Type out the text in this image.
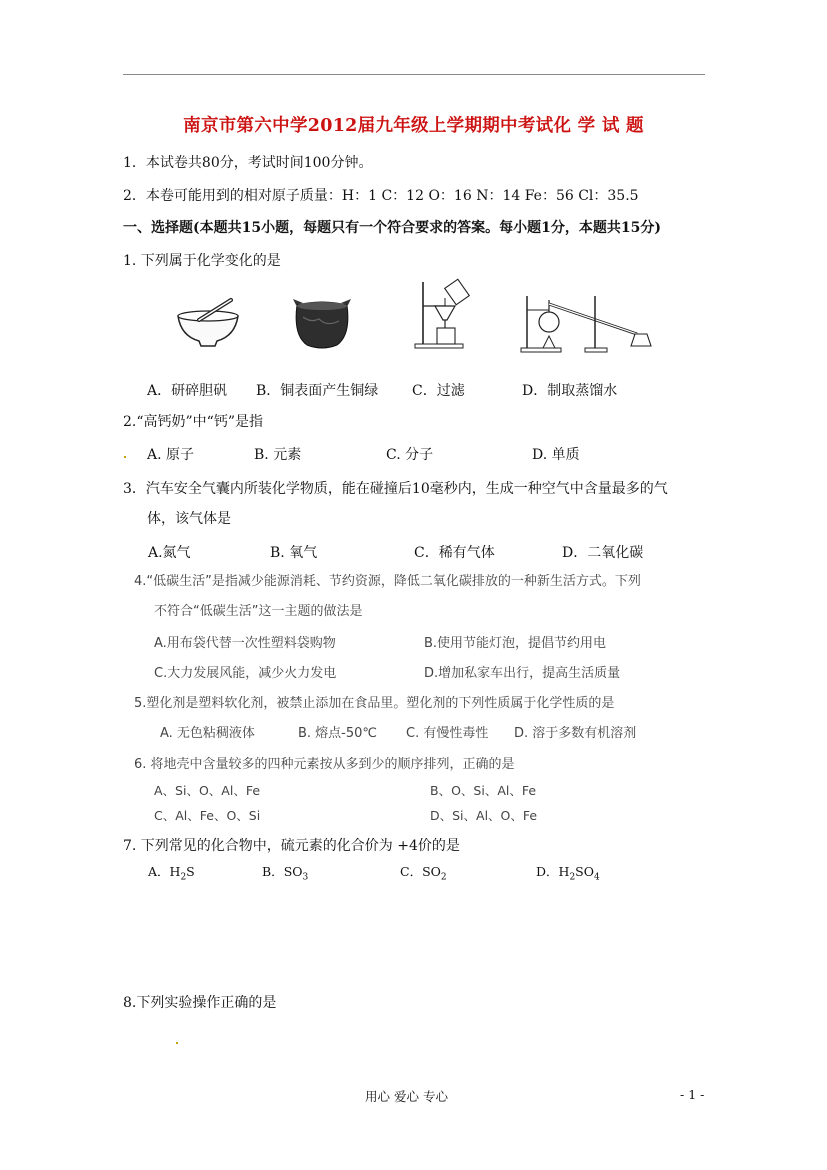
南京市第六中学2012届九年级上学期期中考试化 学 试 题
1．本试卷共80分，考试时间100分钟。
2．本卷可能用到的相对原子质量：H：1 C：12 O：16 N：14 Fe：56 Cl：35.5
一、选择题(本题共15小题，每题只有一个符合要求的答案。每小题1分，本题共15分)
1. 下列属于化学变化的是
A．研碎胆矾 B．铜表面产生铜绿 C．过滤	D．制取蒸馏水
2.“高钙奶”中“钙”是指
A. 原子	B. 元素	C. 分子	D. 单质
3．汽车安全气囊内所装化学物质，能在碰撞后10毫秒内，生成一种空气中含量最多的气
体，该气体是
A.氮气	B. 氧气	C．稀有气体	D．二氧化碳
4.“低碳生活”是指减少能源消耗、节约资源，降低二氧化碳排放的一种新生活方式。下列
不符合“低碳生活”这一主题的做法是
A.用布袋代替一次性塑料袋购物	B.使用节能灯泡，提倡节约用电
C.大力发展风能，减少火力发电	D.增加私家车出行，提高生活质量
5.塑化剂是塑料软化剂，被禁止添加在食品里。塑化剂的下列性质属于化学性质的是
A. 无色粘稠液体	B. 熔点-50℃ C. 有慢性毒性 D. 溶于多数有机溶剂
6. 将地壳中含量较多的四种元素按从多到少的顺序排列，正确的是
A、Si、O、Al、Fe	B、O、Si、Al、Fe
C、Al、Fe、O、Si	D、Si、Al、O、Fe
7. 下列常见的化合物中，硫元素的化合价为 +4价的是
A．$H_2S$	B．$SO_3$	C．$SO_2$	D．$H_2SO_4$
8.下列实验操作正确的是
用心 爱心 专心	- 1 -
